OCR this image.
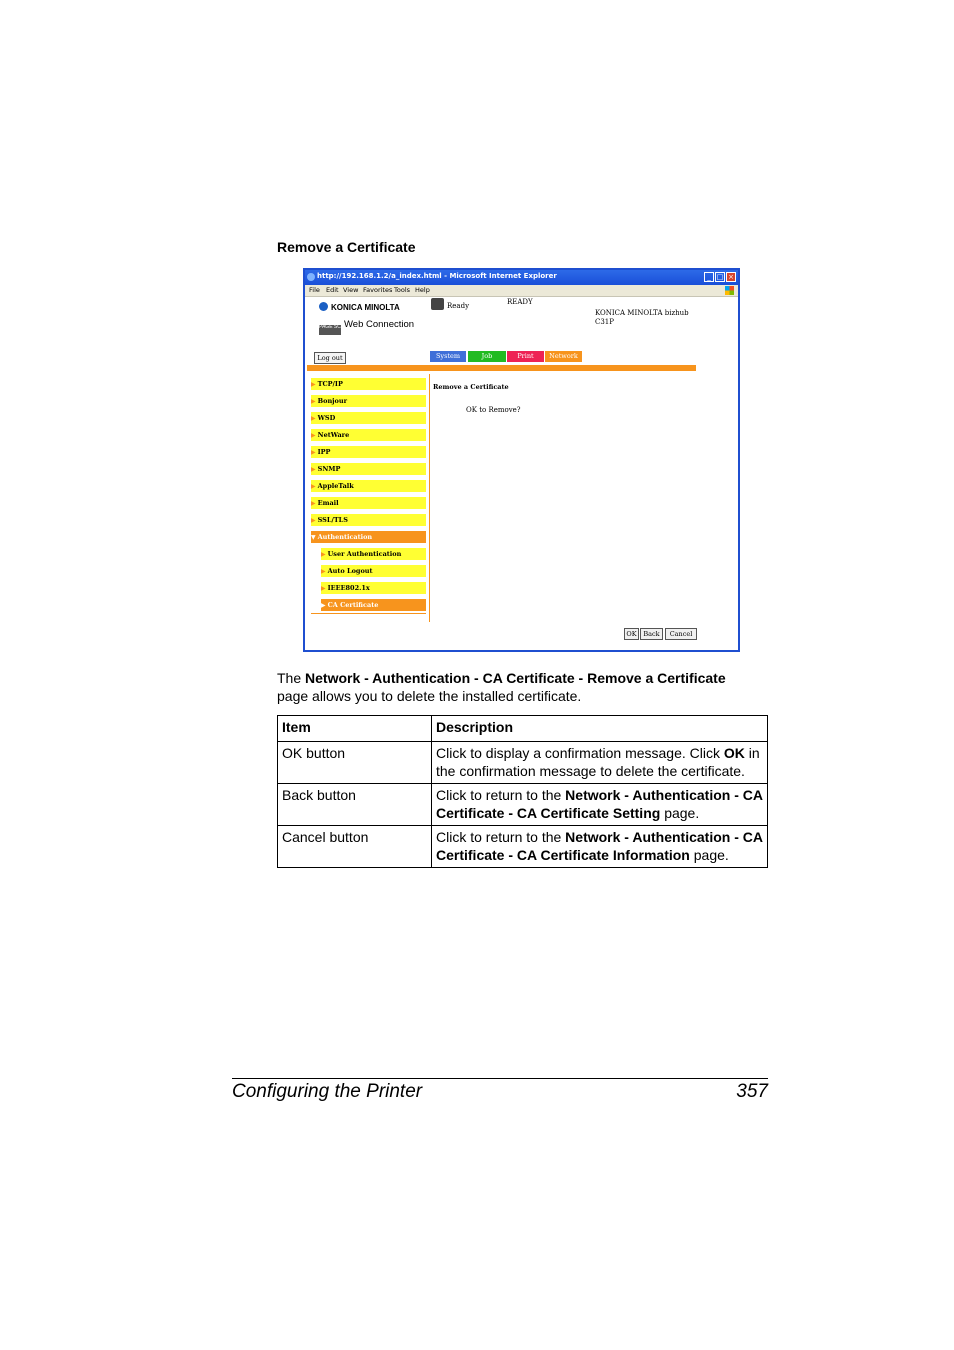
Remove a Certificate
http://192.168.1.2/a_index.html - Microsoft Internet Explorer	_ □ ×
File Edit View Favorites Tools Help
KONICA MINOLTA
PAGE SCOPEWeb Connection
Ready	READY
KONICA MINOLTA bizhub
C31P
Log out	System	Job	Print	Network
▶ TCP/IP
▶ Bonjour
▶ WSD
▶ NetWare
▶ IPP
▶ SNMP
▶ AppleTalk
▶ Email
▶ SSL/TLS
▼ Authentication
▶ User Authentication
▶ Auto Logout
▶ IEEE802.1x
▶ CA Certificate
Remove a Certificate
OK to Remove?
OK	Back	Cancel
The Network - Authentication - CA Certificate - Remove a Certificate
page allows you to delete the installed certificate.
Item	Description
OK button	Click to display a confirmation message. Click OK in the confirmation message to delete the certificate.
Back button	Click to return to the Network - Authentication - CA Certificate - CA Certificate Setting page.
Cancel button	Click to return to the Network - Authentication - CA Certificate - CA Certificate Information page.
Configuring the Printer	357
